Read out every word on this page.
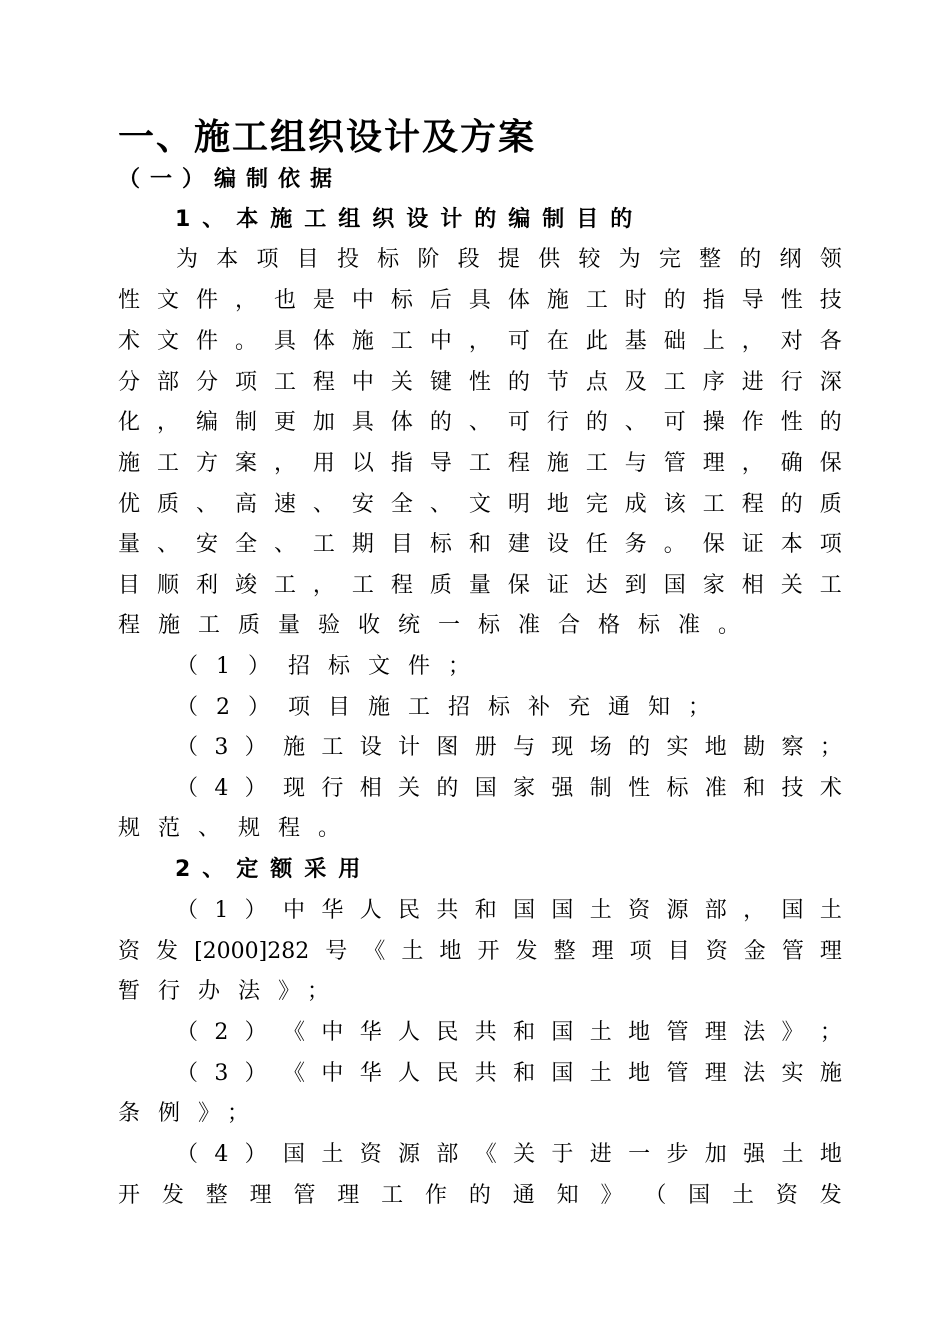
一、施工组织设计及方案
（一）编制依据
1、本施工组织设计的编制目的
为 本 项 目 投 标 阶 段 提 供 较 为 完 整 的 纲 领
性 文 件 ， 也 是 中 标 后 具 体 施 工 时 的 指 导 性 技
术 文 件 。 具 体 施 工 中 ， 可 在 此 基 础 上 ， 对 各
分 部 分 项 工 程 中 关 键 性 的 节 点 及 工 序 进 行 深
化 ， 编 制 更 加 具 体 的 、 可 行 的 、 可 操 作 性 的
施 工 方 案 ， 用 以 指 导 工 程 施 工 与 管 理 ， 确 保
优 质 、 高 速 、 安 全 、 文 明 地 完 成 该 工 程 的 质
量 、 安 全 、 工 期 目 标 和 建 设 任 务 。 保 证 本 项
目 顺 利 竣 工 ， 工 程 质 量 保 证 达 到 国 家 相 关 工
程施工质量验收统一标准合格标准。
（1）招标文件；
（2）项目施工招标补充通知；
（ 3 ） 施 工 设 计 图 册 与 现 场 的 实 地 勘 察 ；
（ 4 ） 现 行 相 关 的 国 家 强 制 性 标 准 和 技 术
规范、规程。
2、定额采用
（ 1 ） 中 华 人 民 共 和 国 国 土 资 源 部 ， 国 土
资 发 [2000]282 号 《 土 地 开 发 整 理 项 目 资 金 管 理
暂行办法》；
（ 2 ） 《 中 华 人 民 共 和 国 土 地 管 理 法 》 ；
（ 3 ） 《 中 华 人 民 共 和 国 土 地 管 理 法 实 施
条例》；
（ 4 ） 国 土 资 源 部 《 关 于 进 一 步 加 强 土 地
开 发 整 理 管 理 工 作 的 通 知 》 （ 国 土 资 发
